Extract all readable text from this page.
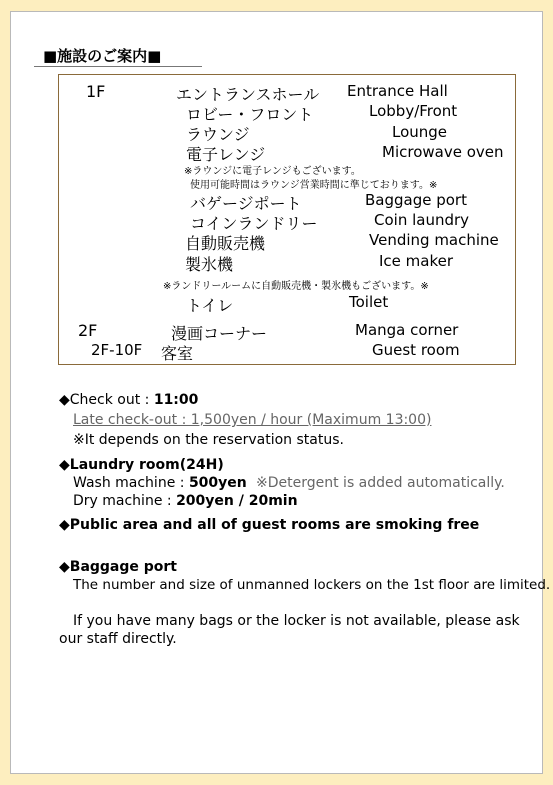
■施設のご案内■
1F	エントランスホール Entrance Hall
ロビー・フロント	Lobby/Front
ラウンジ	Lounge
電子レンジ	Microwave oven
※ラウンジに電子レンジもございます。
使用可能時間はラウンジ営業時間に準じております。※
バゲージポート	Baggage port
コインランドリー	Coin laundry
自動販売機	Vending machine
製氷機	Ice maker
※ランドリールームに自動販売機・製氷機もございます。※
トイレ	Toilet
2F	漫画コーナー	Manga corner
2F-10F 客室	Guest room
◆Check out : 11:00
Late check-out : 1,500yen / hour (Maximum 13:00)
※It depends on the reservation status.
◆Laundry room(24H)
Wash machine : 500yen ※Detergent is added automatically.
Dry machine : 200yen / 20min
◆Public area and all of guest rooms are smoking free
◆Baggage port
The number and size of unmanned lockers on the 1st floor are limited.
If you have many bags or the locker is not available, please ask
our staff directly.
